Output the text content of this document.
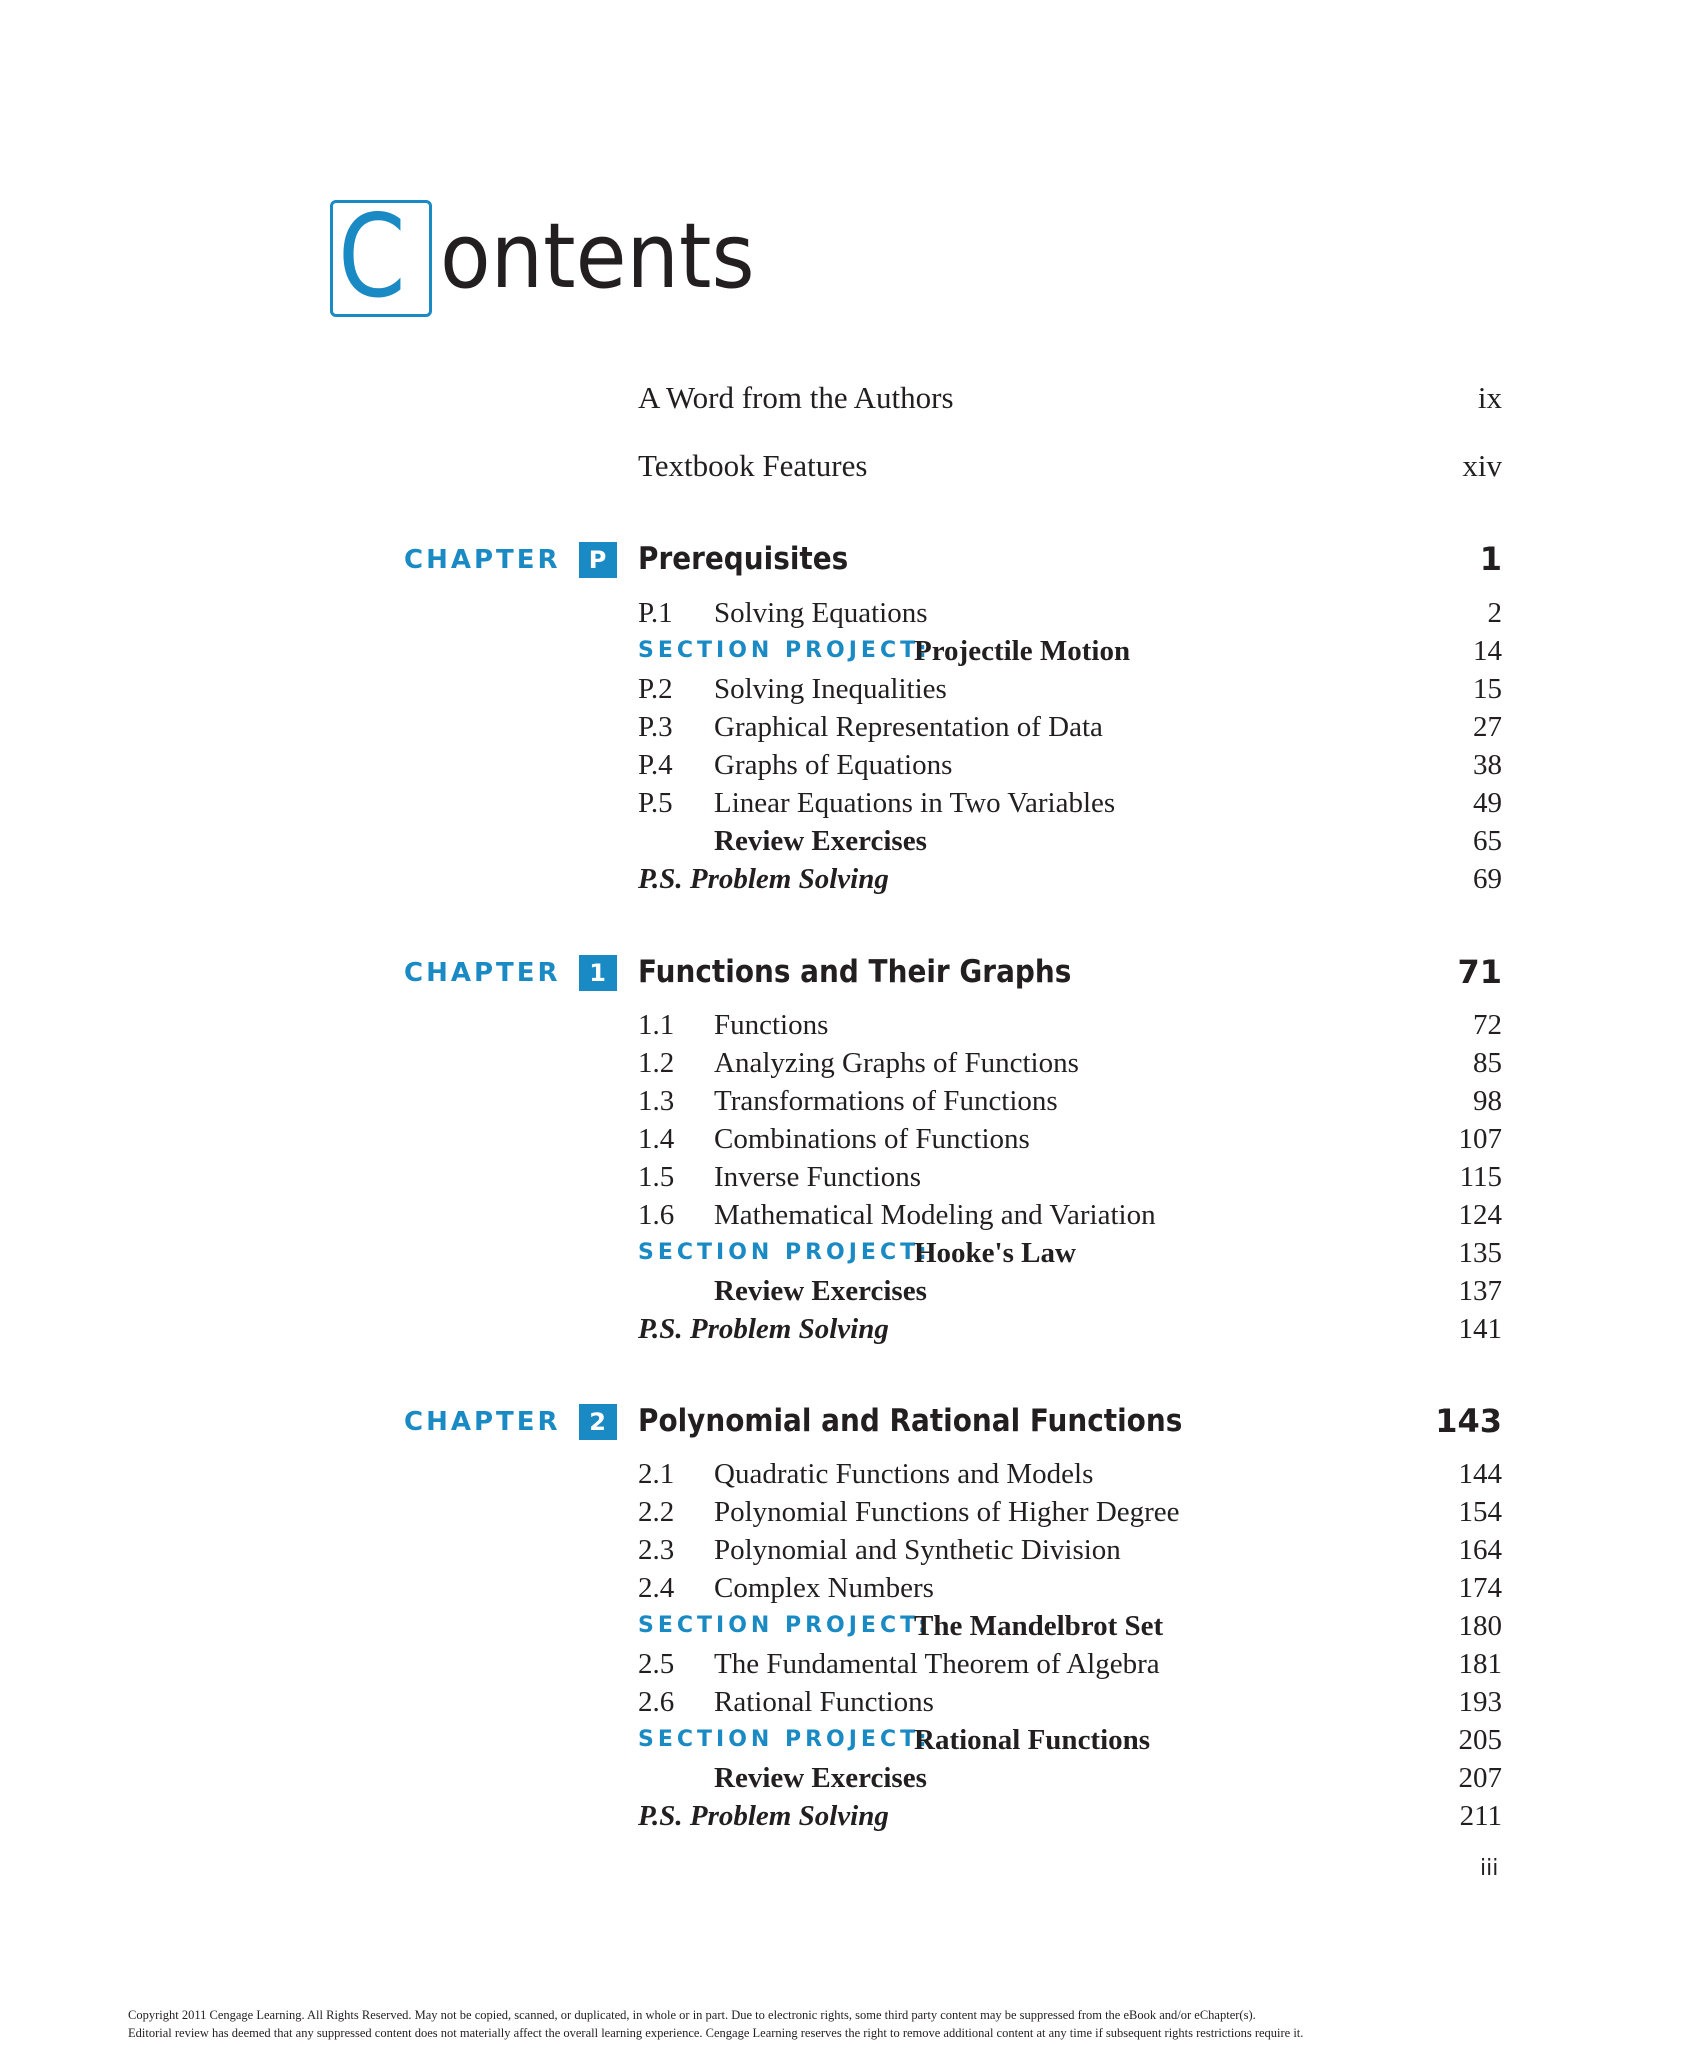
C ontents
A Word from the Authors	ix
Textbook Features	xiv
CHAPTER P	Prerequisites	1
P.1 Solving Equations	2
SECTION PROJECT:
Projectile Motion	14
P.2 Solving Inequalities	15
P.3 Graphical Representation of Data	27
P.4 Graphs of Equations	38
P.5 Linear Equations in Two Variables	49
Review Exercises	65
P.S. Problem Solving	69
CHAPTER 1	Functions and Their Graphs	71
1.1 Functions	72
1.2 Analyzing Graphs of Functions	85
1.3 Transformations of Functions	98
1.4 Combinations of Functions	107
1.5 Inverse Functions	115
1.6 Mathematical Modeling and Variation	124
SECTION PROJECT:
Hooke's Law	135
Review Exercises	137
P.S. Problem Solving	141
CHAPTER 2	Polynomial and Rational Functions	143
2.1 Quadratic Functions and Models	144
2.2 Polynomial Functions of Higher Degree	154
2.3 Polynomial and Synthetic Division	164
2.4 Complex Numbers	174
SECTION PROJECT:
The Mandelbrot Set	180
2.5 The Fundamental Theorem of Algebra	181
2.6 Rational Functions	193
SECTION PROJECT:
Rational Functions	205
Review Exercises	207
P.S. Problem Solving	211
iii
Copyright 2011 Cengage Learning. All Rights Reserved. May not be copied, scanned, or duplicated, in whole or in part. Due to electronic rights, some third party content may be suppressed from the eBook and/or eChapter(s).
Editorial review has deemed that any suppressed content does not materially affect the overall learning experience. Cengage Learning reserves the right to remove additional content at any time if subsequent rights restrictions require it.
